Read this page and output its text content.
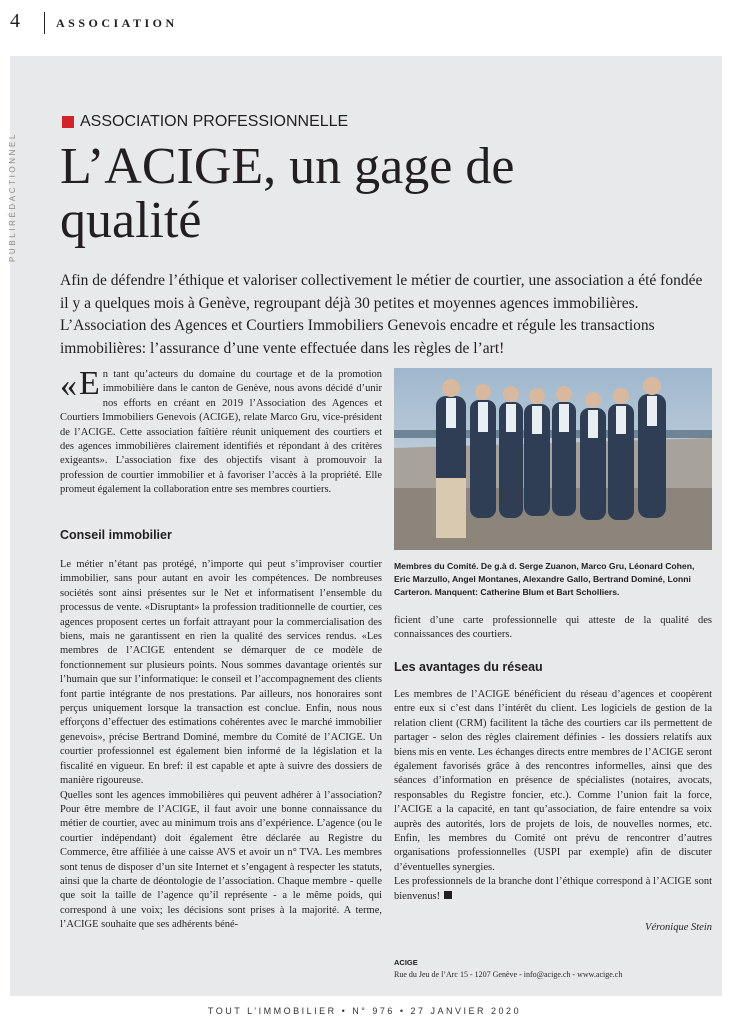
4	ASSOCIATION
PUBLIRÉDACTIONNEL
ASSOCIATION PROFESSIONNELLE
L’ACIGE, un gage de qualité

Afin de défendre l’éthique et valoriser collectivement le métier de courtier, une association a été fondée il y a quelques mois à Genève, regroupant déjà 30 petites et moyennes agences immobilières. L’Association des Agences et Courtiers Immobiliers Genevois encadre et régule les transactions immobilières: l’assurance d’une vente effectuée dans les règles de l’art!

« E n tant qu’acteurs du domaine du courtage et de la promotion immobilière dans le canton de Genève, nous avons décidé d’unir nos efforts en créant en 2019 l’Association des Agences et Courtiers Immobiliers Genevois (ACIGE), relate Marco Gru, vice-président de l’ACIGE. Cette association faîtière réunit uniquement des courtiers et des agences immobilières clairement identifiés et répondant à des critères exigeants». L’association fixe des objectifs visant à promouvoir la profession de courtier immobilier et à favoriser l’accès à la propriété. Elle promeut également la collaboration entre ses membres courtiers.
Conseil immobilier

Le métier n’étant pas protégé, n’importe qui peut s’improviser courtier immobilier, sans pour autant en avoir les compétences. De nombreuses sociétés sont ainsi présentes sur le Net et informatisent l’ensemble du processus de vente. «Disruptant» la profession traditionnelle de courtier, ces agences proposent certes un forfait attrayant pour la commercialisation des biens, mais ne garantissent en rien la qualité des services rendus. «Les membres de l’ACIGE entendent se démarquer de ce modèle de fonctionnement sur plusieurs points. Nous sommes davantage orientés sur l’humain que sur l’informatique: le conseil et l’accompagnement des clients font partie intégrante de nos prestations. Par ailleurs, nos honoraires sont perçus uniquement lorsque la transaction est conclue. Enfin, nous nous efforçons d’effectuer des estimations cohérentes avec le marché immobilier genevois», précise Bertrand Dominé, membre du Comité de l’ACIGE. Un courtier professionnel est également bien informé de la législation et la fiscalité en vigueur. En bref: il est capable et apte à suivre des dossiers de manière rigoureuse.

Quelles sont les agences immobilières qui peuvent adhérer à l’association? Pour être membre de l’ACIGE, il faut avoir une bonne connaissance du métier de courtier, avec au minimum trois ans d’expérience. L’agence (ou le courtier indépendant) doit également être déclarée au Registre du Commerce, être affiliée à une caisse AVS et avoir un n° TVA. Les membres sont tenus de disposer d’un site Internet et s’engagent à respecter les statuts, ainsi que la charte de déontologie de l’association. Chaque membre - quelle que soit la taille de l’agence qu’il représente - a le même poids, qui correspond à une voix; les décisions sont prises à la majorité. A terme, l’ACIGE souhaite que ses adhérents béné-

Membres du Comité. De g.à d. Serge Zuanon, Marco Gru, Léonard Cohen, Eric Marzullo, Angel Montanes, Alexandre Gallo, Bertrand Dominé, Lonni Carteron. Manquent: Catherine Blum et Bart Scholliers.
ficient d’une carte professionnelle qui atteste de la qualité des connaissances des courtiers.
Les avantages du réseau

Les membres de l’ACIGE bénéficient du réseau d’agences et coopèrent entre eux si c’est dans l’intérêt du client. Les logiciels de gestion de la relation client (CRM) facilitent la tâche des courtiers car ils permettent de partager - selon des règles clairement définies - les dossiers relatifs aux biens mis en vente. Les échanges directs entre membres de l’ACIGE seront également favorisés grâce à des rencontres informelles, ainsi que des séances d’information en présence de spécialistes (notaires, avocats, responsables du Registre foncier, etc.). Comme l’union fait la force, l’ACIGE a la capacité, en tant qu’association, de faire entendre sa voix auprès des autorités, lors de projets de lois, de nouvelles normes, etc. Enfin, les membres du Comité ont prévu de rencontrer d’autres organisations professionnelles (USPI par exemple) afin de discuter d’éventuelles synergies.

Les professionnels de la branche dont l’éthique correspond à l’ACIGE sont bienvenus!

Véronique Stein
ACIGE
Rue du Jeu de l’Arc 15 - 1207 Genève - info@acige.ch - www.acige.ch
TOUT L’IMMOBILIER • N° 976 • 27 JANVIER 2020
